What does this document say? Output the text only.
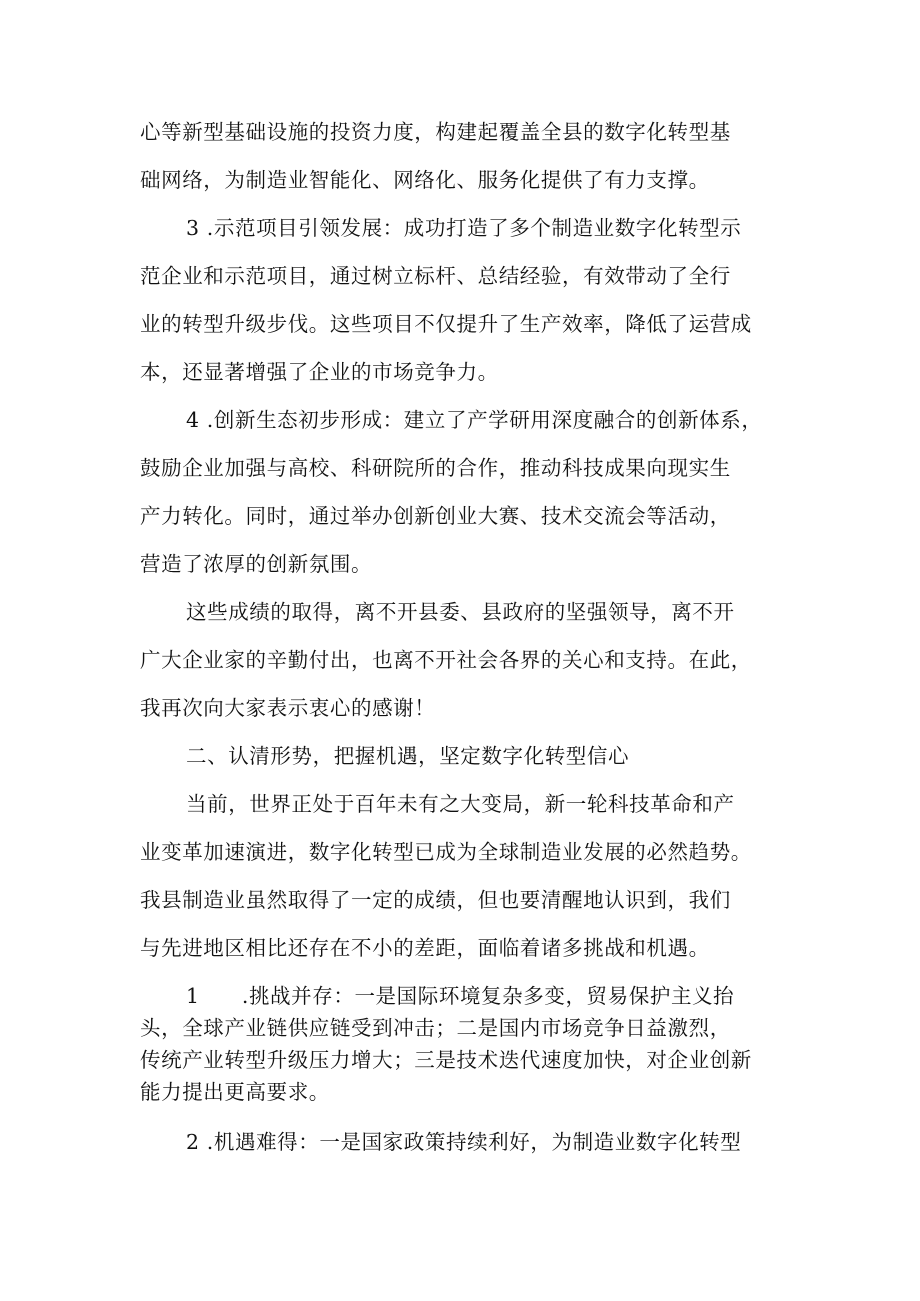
心等新型基础设施的投资力度，构建起覆盖全县的数字化转型基
础网络，为制造业智能化、网络化、服务化提供了有力支撑。
3 .示范项目引领发展：成功打造了多个制造业数字化转型示
范企业和示范项目，通过树立标杆、总结经验，有效带动了全行
业的转型升级步伐。这些项目不仅提升了生产效率，降低了运营成
本，还显著增强了企业的市场竞争力。
4 .创新生态初步形成：建立了产学研用深度融合的创新体系，
鼓励企业加强与高校、科研院所的合作，推动科技成果向现实生
产力转化。同时，通过举办创新创业大赛、技术交流会等活动，
营造了浓厚的创新氛围。
这些成绩的取得，离不开县委、县政府的坚强领导，离不开
广大企业家的辛勤付出，也离不开社会各界的关心和支持。在此，
我再次向大家表示衷心的感谢！
二、认清形势，把握机遇，坚定数字化转型信心
当前，世界正处于百年未有之大变局，新一轮科技革命和产
业变革加速演进，数字化转型已成为全球制造业发展的必然趋势。
我县制造业虽然取得了一定的成绩，但也要清醒地认识到，我们
与先进地区相比还存在不小的差距，面临着诸多挑战和机遇。
1　　.挑战并存：一是国际环境复杂多变，贸易保护主义抬
头，全球产业链供应链受到冲击；二是国内市场竞争日益激烈，
传统产业转型升级压力增大；三是技术迭代速度加快，对企业创新
能力提出更高要求。
2 .机遇难得：一是国家政策持续利好，为制造业数字化转型
